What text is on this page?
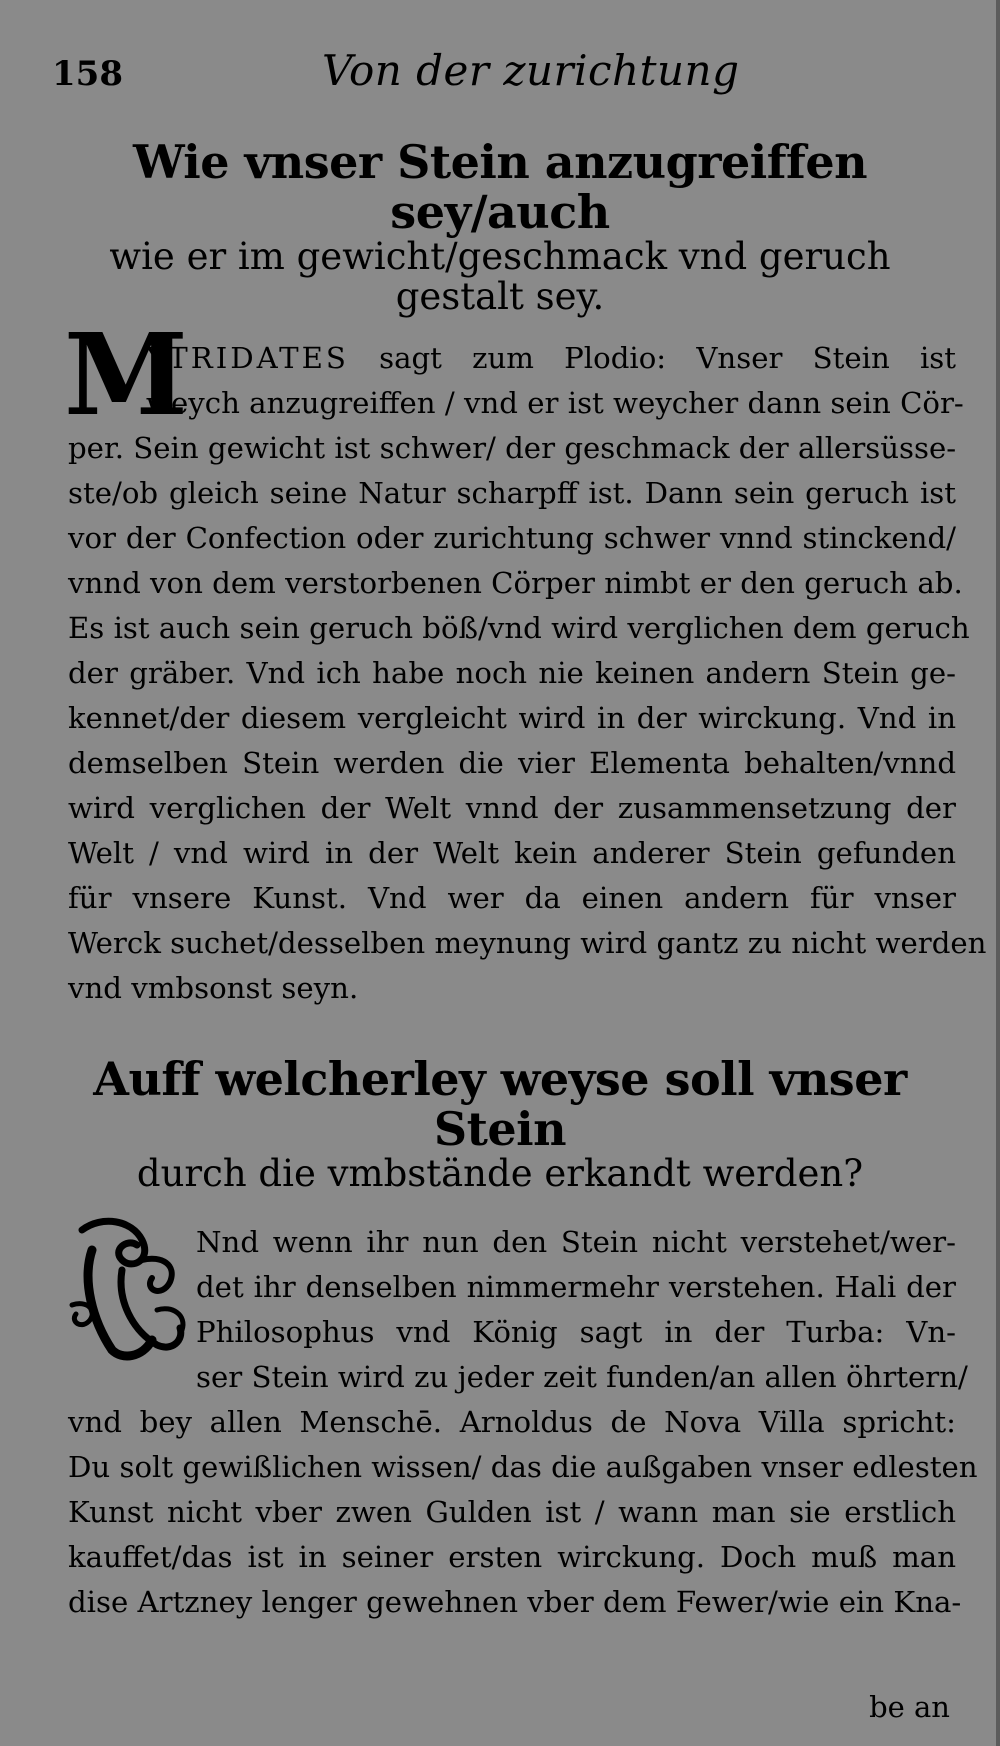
158	Von der zurichtung
Wie vnser Stein anzugreiffen sey/auch
wie er im gewicht/geschmack vnd geruch
gestalt sey.
M
YTRIDATES sagt zum Plodio: Vnser Stein ist
weych anzugreiffen / vnd er ist weycher dann sein Cör-
per. Sein gewicht ist schwer/ der geschmack der allersüsse-
ste/ob gleich seine Natur scharpff ist. Dann sein geruch ist
vor der Confection oder zurichtung schwer vnnd stinckend/
vnnd von dem verstorbenen Cörper nimbt er den geruch ab.
Es ist auch sein geruch böß/vnd wird verglichen dem geruch
der gräber. Vnd ich habe noch nie keinen andern Stein ge-
kennet/der diesem vergleicht wird in der wirckung. Vnd in
demselben Stein werden die vier Elementa behalten/vnnd
wird verglichen der Welt vnnd der zusammensetzung der
Welt / vnd wird in der Welt kein anderer Stein gefunden
für vnsere Kunst. Vnd wer da einen andern für vnser
Werck suchet/desselben meynung wird gantz zu nicht werden
vnd vmbsonst seyn.
Auff welcherley weyse soll vnser Stein
durch die vmbstände erkandt werden?
Nnd wenn ihr nun den Stein nicht verstehet/wer-
det ihr denselben nimmermehr verstehen. Hali der
Philosophus vnd König sagt in der Turba: Vn-
ser Stein wird zu jeder zeit funden/an allen öhrtern/
vnd bey allen Menschē. Arnoldus de Nova Villa spricht:
Du solt gewißlichen wissen/ das die außgaben vnser edlesten
Kunst nicht vber zwen Gulden ist / wann man sie erstlich
kauffet/das ist in seiner ersten wirckung. Doch muß man
dise Artzney lenger gewehnen vber dem Fewer/wie ein Kna-
be an
